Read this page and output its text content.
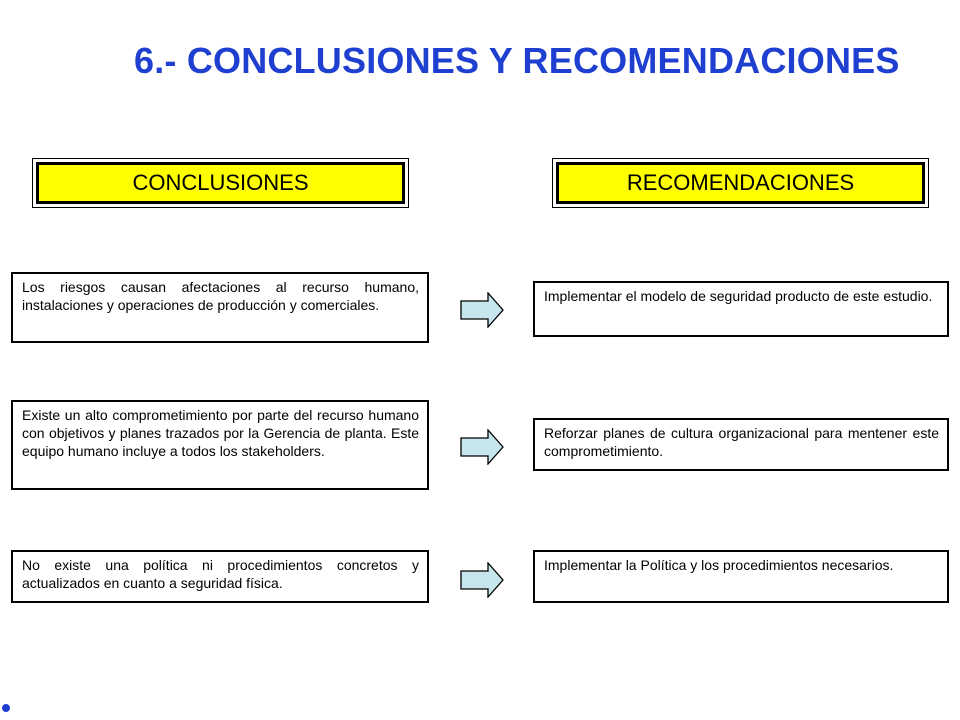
6.- CONCLUSIONES Y RECOMENDACIONES
CONCLUSIONES	RECOMENDACIONES
Los riesgos causan afectaciones al recurso humano, instalaciones y operaciones de producción y comerciales.
Implementar el modelo de seguridad producto de este estudio.
Existe un alto comprometimiento por parte del recurso humano con objetivos y planes trazados por la Gerencia de planta. Este equipo humano incluye a todos los stakeholders.
Reforzar planes de cultura organizacional para mentener este comprometimiento.
No existe una política ni procedimientos concretos y actualizados en cuanto a seguridad física.
Implementar la Política y los procedimientos necesarios.
